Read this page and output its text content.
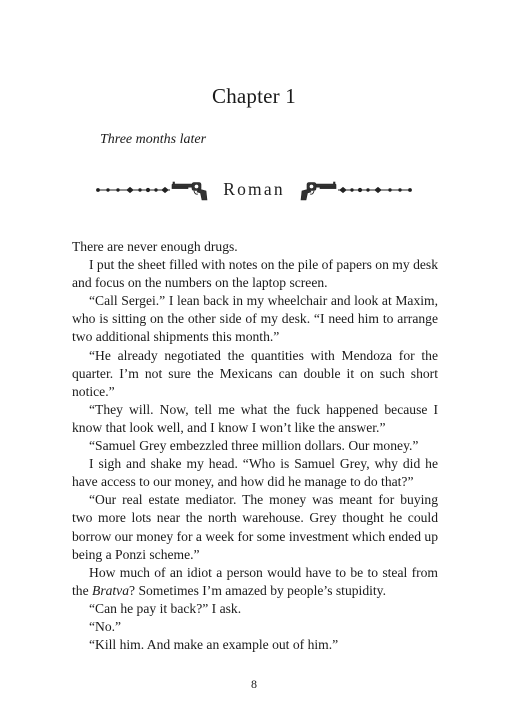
Chapter 1
Three months later
Roman

There are never enough drugs.

I put the sheet filled with notes on the pile of papers on my desk and focus on the numbers on the laptop screen.

“Call Sergei.” I lean back in my wheelchair and look at Maxim, who is sitting on the other side of my desk. “I need him to arrange two additional shipments this month.”

“He already negotiated the quantities with Mendoza for the quarter. I’m not sure the Mexicans can double it on such short notice.”

“They will. Now, tell me what the fuck happened because I know that look well, and I know I won’t like the answer.”

“Samuel Grey embezzled three million dollars. Our money.”

I sigh and shake my head. “Who is Samuel Grey, why did he have access to our money, and how did he manage to do that?”

“Our real estate mediator. The money was meant for buying two more lots near the north warehouse. Grey thought he could borrow our money for a week for some investment which ended up being a Ponzi scheme.”

How much of an idiot a person would have to be to steal from the Bratva? Sometimes I’m amazed by people’s stupidity.

“Can he pay it back?” I ask.

“No.”

“Kill him. And make an example out of him.”

8
